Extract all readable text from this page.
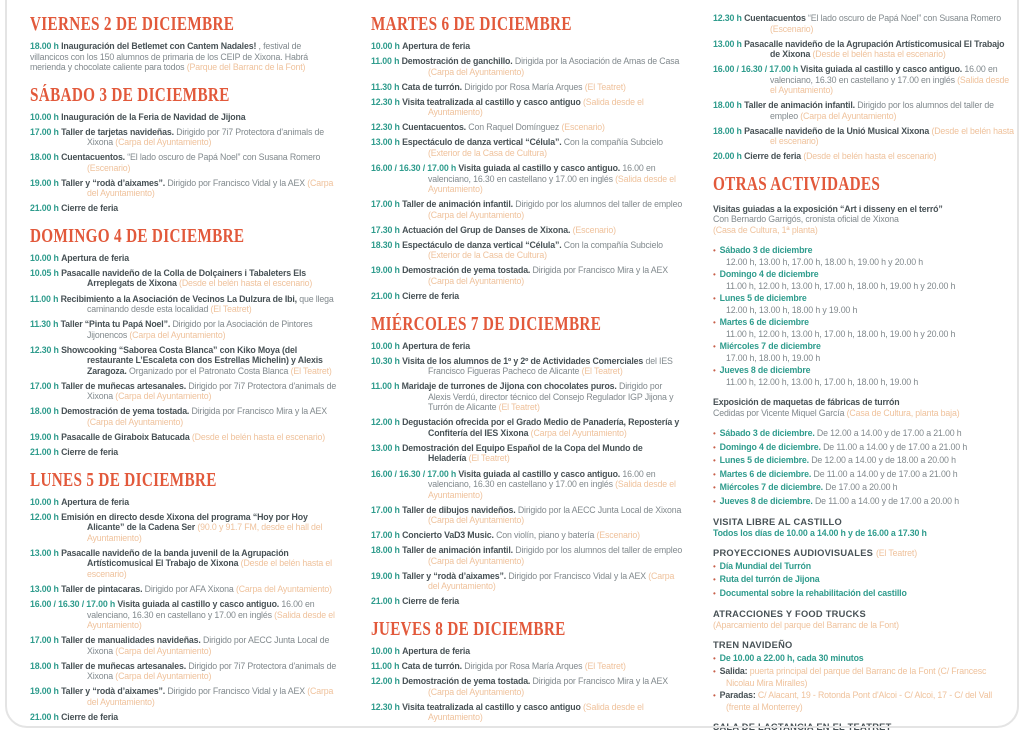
VIERNES 2 DE DICIEMBRE

18.00 h Inauguración del Betlemet con Cantem Nadales! , festival de villancicos con los 150 alumnos de primaria de los CEIP de Xixona. Habrá merienda y chocolate caliente para todos (Parque del Barranc de la Font)

SÁBADO 3 DE DICIEMBRE

10.00 h Inauguración de la Feria de Navidad de Jijona

17.00 h Taller de tarjetas navideñas. Dirigido por 7i7 Protectora d'animals de Xixona (Carpa del Ayuntamiento)

18.00 h Cuentacuentos. “El lado oscuro de Papá Noel” con Susana Romero (Escenario)

19.00 h Taller y “rodà d’aixames”. Dirigido por Francisco Vidal y la AEX (Carpa del Ayuntamiento)

21.00 h Cierre de feria

DOMINGO 4 DE DICIEMBRE

10.00 h Apertura de feria

10.05 h Pasacalle navideño de la Colla de Dolçainers i Tabaleters Els Arreplegats de Xixona (Desde el belén hasta el escenario)

11.00 h Recibimiento a la Asociación de Vecinos La Dulzura de Ibi, que llega caminando desde esta localidad (El Teatret)

11.30 h Taller “Pinta tu Papá Noel”. Dirigido por la Asociación de Pintores Jijonencos (Carpa del Ayuntamiento)

12.30 h Showcooking “Saborea Costa Blanca” con Kiko Moya (del restaurante L’Escaleta con dos Estrellas Michelin) y Alexis Zaragoza. Organizado por el Patronato Costa Blanca (El Teatret)

17.00 h Taller de muñecas artesanales. Dirigido por 7i7 Protectora d'animals de Xixona (Carpa del Ayuntamiento)

18.00 h Demostración de yema tostada. Dirigida por Francisco Mira y la AEX (Carpa del Ayuntamiento)

19.00 h Pasacalle de Giraboix Batucada (Desde el belén hasta el escenario)

21.00 h Cierre de feria

LUNES 5 DE DICIEMBRE

10.00 h Apertura de feria

12.00 h Emisión en directo desde Xixona del programa “Hoy por Hoy Alicante” de la Cadena Ser (90.0 y 91.7 FM, desde el hall del Ayuntamiento)

13.00 h Pasacalle navideño de la banda juvenil de la Agrupación Artísticomusical El Trabajo de Xixona (Desde el belén hasta el escenario)

13.00 h Taller de pintacaras. Dirigido por AFA Xixona (Carpa del Ayuntamiento)

16.00 / 16.30 / 17.00 h Visita guiada al castillo y casco antiguo. 16.00 en valenciano, 16.30 en castellano y 17.00 en inglés (Salida desde el Ayuntamiento)

17.00 h Taller de manualidades navideñas. Dirigido por AECC Junta Local de Xixona (Carpa del Ayuntamiento)

18.00 h Taller de muñecas artesanales. Dirigido por 7i7 Protectora d'animals de Xixona (Carpa del Ayuntamiento)

19.00 h Taller y “rodà d’aixames”. Dirigido por Francisco Vidal y la AEX (Carpa del Ayuntamiento)

21.00 h Cierre de feria

MARTES 6 DE DICIEMBRE

10.00 h Apertura de feria

11.00 h Demostración de ganchillo. Dirigida por la Asociación de Amas de Casa (Carpa del Ayuntamiento)

11.30 h Cata de turrón. Dirigido por Rosa María Arques (El Teatret)

12.30 h Visita teatralizada al castillo y casco antiguo (Salida desde el Ayuntamiento)

12.30 h Cuentacuentos. Con Raquel Domínguez (Escenario)

13.00 h Espectáculo de danza vertical “Célula”. Con la compañía Subcielo (Exterior de la Casa de Cultura)

16.00 / 16.30 / 17.00 h Visita guiada al castillo y casco antiguo. 16.00 en valenciano, 16.30 en castellano y 17.00 en inglés (Salida desde el Ayuntamiento)

17.00 h Taller de animación infantil. Dirigido por los alumnos del taller de empleo (Carpa del Ayuntamiento)

17.30 h Actuación del Grup de Danses de Xixona. (Escenario)

18.30 h Espectáculo de danza vertical “Célula”. Con la compañía Subcielo (Exterior de la Casa de Cultura)

19.00 h Demostración de yema tostada. Dirigida por Francisco Mira y la AEX (Carpa del Ayuntamiento)

21.00 h Cierre de feria

MIÉRCOLES 7 DE DICIEMBRE

10.00 h Apertura de feria

10.30 h Visita de los alumnos de 1º y 2º de Actividades Comerciales del IES Francisco Figueras Pacheco de Alicante (El Teatret)

11.00 h Maridaje de turrones de Jijona con chocolates puros. Dirigido por Alexis Verdú, director técnico del Consejo Regulador IGP Jijona y Turrón de Alicante (El Teatret)

12.00 h Degustación ofrecida por el Grado Medio de Panadería, Repostería y Confitería del IES Xixona (Carpa del Ayuntamiento)

13.00 h Demostración del Equipo Español de la Copa del Mundo de Heladería (El Teatret)

16.00 / 16.30 / 17.00 h Visita guiada al castillo y casco antiguo. 16.00 en valenciano, 16.30 en castellano y 17.00 en inglés (Salida desde el Ayuntamiento)

17.00 h Taller de dibujos navideños. Dirigido por la AECC Junta Local de Xixona (Carpa del Ayuntamiento)

17.00 h Concierto VaD3 Music. Con violín, piano y batería (Escenario)

18.00 h Taller de animación infantil. Dirigido por los alumnos del taller de empleo (Carpa del Ayuntamiento)

19.00 h Taller y “rodà d’aixames”. Dirigido por Francisco Vidal y la AEX (Carpa del Ayuntamiento)

21.00 h Cierre de feria

JUEVES 8 DE DICIEMBRE

10.00 h Apertura de feria

11.00 h Cata de turrón. Dirigida por Rosa María Arques (El Teatret)

12.00 h Demostración de yema tostada. Dirigida por Francisco Mira y la AEX (Carpa del Ayuntamiento)

12.30 h Visita teatralizada al castillo y casco antiguo (Salida desde el Ayuntamiento)

12.30 h Cuentacuentos “El lado oscuro de Papá Noel” con Susana Romero (Escenario)

13.00 h Pasacalle navideño de la Agrupación Artísticomusical El Trabajo de Xixona (Desde el belén hasta el escenario)

16.00 / 16.30 / 17.00 h Visita guiada al castillo y casco antiguo. 16.00 en valenciano, 16.30 en castellano y 17.00 en inglés (Salida desde el Ayuntamiento)

18.00 h Taller de animación infantil. Dirigido por los alumnos del taller de empleo (Carpa del Ayuntamiento)

18.00 h Pasacalle navideño de la Unió Musical Xixona (Desde el belén hasta el escenario)

20.00 h Cierre de feria (Desde el belén hasta el escenario)

OTRAS ACTIVIDADES

Visitas guiadas a la exposición “Art i disseny en el terró”

Con Bernardo Garrigós, cronista oficial de Xixona

(Casa de Cultura, 1ª planta)

• Sábado 3 de diciembre

12.00 h, 13.00 h, 17.00 h, 18.00 h, 19.00 h y 20.00 h

• Domingo 4 de diciembre

11.00 h, 12.00 h, 13.00 h, 17.00 h, 18.00 h, 19.00 h y 20.00 h

• Lunes 5 de diciembre

12.00 h, 13.00 h, 18.00 h y 19.00 h

• Martes 6 de diciembre

11.00 h, 12.00 h, 13.00 h, 17.00 h, 18.00 h, 19.00 h y 20.00 h

• Miércoles 7 de diciembre

17.00 h, 18.00 h, 19.00 h

• Jueves 8 de diciembre

11.00 h, 12.00 h, 13.00 h, 17.00 h, 18.00 h, 19.00 h

Exposición de maquetas de fábricas de turrón

Cedidas por Vicente Miquel García (Casa de Cultura, planta baja)

• Sábado 3 de diciembre. De 12.00 a 14.00 y de 17.00 a 21.00 h

• Domingo 4 de diciembre. De 11.00 a 14.00 y de 17.00 a 21.00 h

• Lunes 5 de diciembre. De 12.00 a 14.00 y de 18.00 a 20.00 h

• Martes 6 de diciembre. De 11.00 a 14.00 y de 17.00 a 21.00 h

• Miércoles 7 de diciembre. De 17.00 a 20.00 h

• Jueves 8 de diciembre. De 11.00 a 14.00 y de 17.00 a 20.00 h

VISITA LIBRE AL CASTILLO

Todos los días de 10.00 a 14.00 h y de 16.00 a 17.30 h

PROYECCIONES AUDIOVISUALES (El Teatret)

• Día Mundial del Turrón

• Ruta del turrón de Jijona

• Documental sobre la rehabilitación del castillo

ATRACCIONES Y FOOD TRUCKS

(Aparcamiento del parque del Barranc de la Font)

TREN NAVIDEÑO

• De 10.00 a 22.00 h, cada 30 minutos

• Salida: puerta principal del parque del Barranc de la Font (C/ Francesc Nicolau Mira Miralles)

• Paradas: C/ Alacant, 19 - Rotonda Pont d'Alcoi - C/ Alcoi, 17 - C/ del Vall (frente al Monterrey)

SALA DE LACTANCIA EN EL TEATRET
